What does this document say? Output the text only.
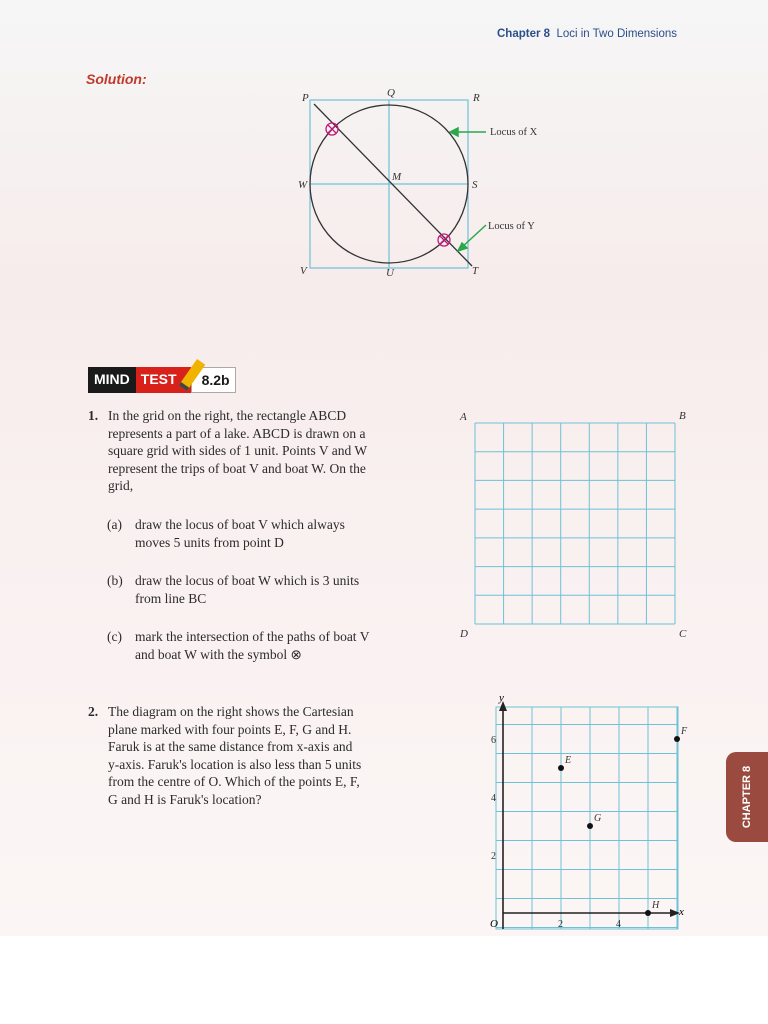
Chapter 8 Loci in Two Dimensions
Solution:
P	Q	R
W
M
S
V	U	T
Locus of X
Locus of Y
MIND TEST	8.2b
1. In the grid on the right, the rectangle ABCD

represents a part of a lake. ABCD is drawn on a

square grid with sides of 1 unit. Points V and W

represent the trips of boat V and boat W. On the

grid,

(a) draw the locus of boat V which always

moves 5 units from point D

(b) draw the locus of boat W which is 3 units

from line BC

(c) mark the intersection of the paths of boat V

and boat W with the symbol ⊗

A	B
D	C
2. The diagram on the right shows the Cartesian

plane marked with four points E, F, G and H.

Faruk is at the same distance from x-axis and

y-axis. Faruk's location is also less than 5 units

from the centre of O. Which of the points E, F,

G and H is Faruk's location?

y
x
O	2	4
2
4
6
E
F
G
H
CHAPTER 8
